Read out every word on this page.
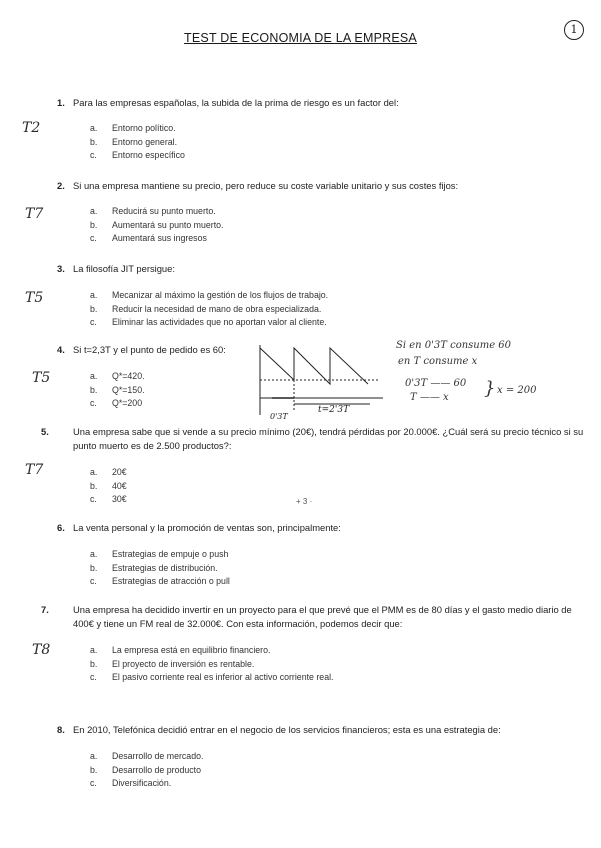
TEST DE ECONOMIA DE LA EMPRESA
1
1. Para las empresas españolas, la subida de la prima de riesgo es un factor del:
T2	a. Entorno político.
b. Entorno general.
c. Entorno específico
2. Si una empresa mantiene su precio, pero reduce su coste variable unitario y sus costes fijos:
T7	a. Reducirá su punto muerto.
b. Aumentará su punto muerto.
c. Aumentará sus ingresos
3. La filosofía JIT persigue:
T5	a. Mecanizar al máximo la gestión de los flujos de trabajo.
b. Reducir la necesidad de mano de obra especializada.
c. Eliminar las actividades que no aportan valor al cliente.
4. Si t=2,3T y el punto de pedido es 60:
T5	a. Q*=420.
b. Q*=150.
c. Q*=200
t=2'3T
0'3T
Si en 0'3T consume 60
en T consume x
0'3T —— 60
T —— x } x = 200
5.	Una empresa sabe que si vende a su precio mínimo (20€), tendrá pérdidas por 20.000€. ¿Cuál será su precio técnico si su punto muerto es de 2.500 productos?:
T7	a. 20€
b. 40€
c. 30€	+ 3 ·
6. La venta personal y la promoción de ventas son, principalmente:
a. Estrategias de empuje o push
b. Estrategias de distribución.
c. Estrategias de atracción o pull
7.	Una empresa ha decidido invertir en un proyecto para el que prevé que el PMM es de 80 días y el gasto medio diario de 400€ y tiene un FM real de 32.000€. Con esta información, podemos decir que:
T8	a. La empresa está en equilibrio financiero.
b. El proyecto de inversión es rentable.
c. El pasivo corriente real es inferior al activo corriente real.
8. En 2010, Telefónica decidió entrar en el negocio de los servicios financieros; esta es una estrategia de:
a. Desarrollo de mercado.
b. Desarrollo de producto
c. Diversificación.
